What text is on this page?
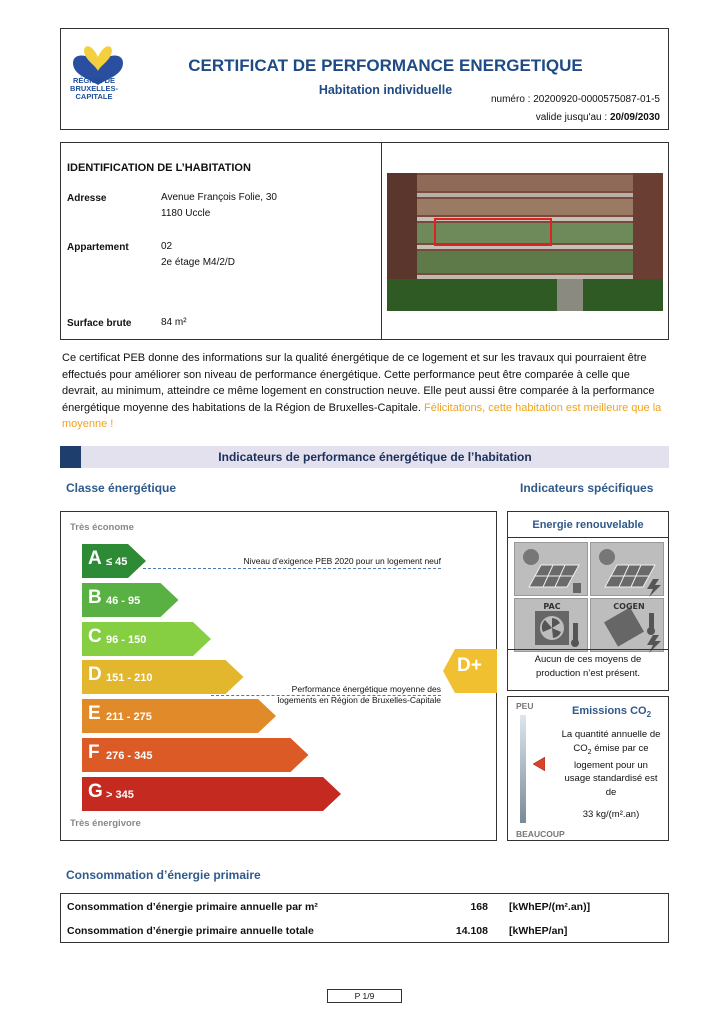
RÉGION DE
BRUXELLES-
CAPITALE
CERTIFICAT DE PERFORMANCE ENERGETIQUE
Habitation individuelle
numéro : 20200920-0000575087-01-5
valide jusqu'au : 20/09/2030
IDENTIFICATION DE L’HABITATION
Adresse	Avenue François Folie, 30
1180 Uccle
Appartement	02
2e étage M4/2/D
Surface brute	84 m²
Ce certificat PEB donne des informations sur la qualité énergétique de ce logement et sur les travaux qui pourraient être effectués pour améliorer son niveau de performance énergétique. Cette performance peut être comparée à celle que devrait, au minimum, atteindre ce même logement en construction neuve. Elle peut aussi être comparée à la performance énergétique moyenne des habitations de la Région de Bruxelles-Capitale. Félicitations, cette habitation est meilleure que la moyenne !
Indicateurs de performance énergétique de l’habitation
Classe énergétique	Indicateurs spécifiques
Très économe
Très énergivore
A ≤ 45
B 46 - 95
C 96 - 150
D 151 - 210
E 211 - 275
F 276 - 345
G > 345
Niveau d’exigence PEB 2020 pour un logement neuf
Performance énergétique moyenne des
logements en Région de Bruxelles-Capitale
D+
Energie renouvelable
PAC	COGEN
Aucun de ces moyens de
production n’est présent.
PEU	Emissions $CO_2$
La quantité annuelle de
$CO_2$ émise par ce
logement pour un
usage standardisé est
de
33 kg/(m².an)
BEAUCOUP
Consommation d’énergie primaire
Consommation d’énergie primaire annuelle par m²	168 [kWhEP/(m².an)]
Consommation d’énergie primaire annuelle totale	14.108 [kWhEP/an]
P 1/9
